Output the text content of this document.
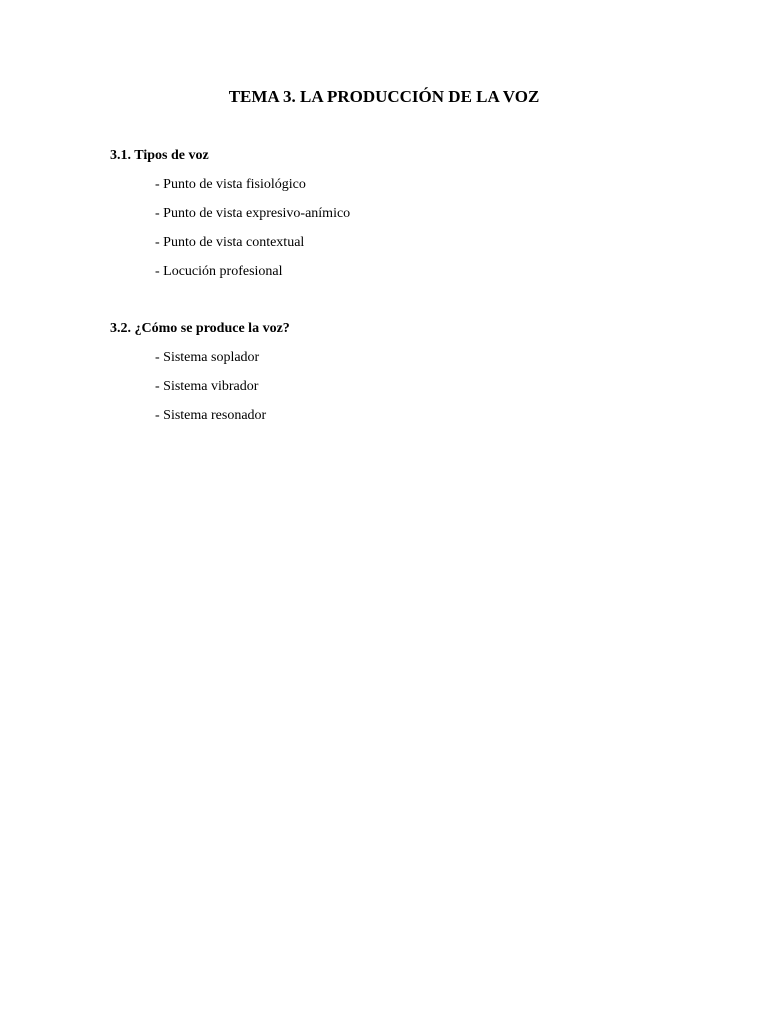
TEMA 3. LA PRODUCCIÓN DE LA VOZ
3.1. Tipos de voz
- Punto de vista fisiológico
- Punto de vista expresivo-anímico
- Punto de vista contextual
- Locución profesional
3.2. ¿Cómo se produce la voz?
- Sistema soplador
- Sistema vibrador
- Sistema resonador
